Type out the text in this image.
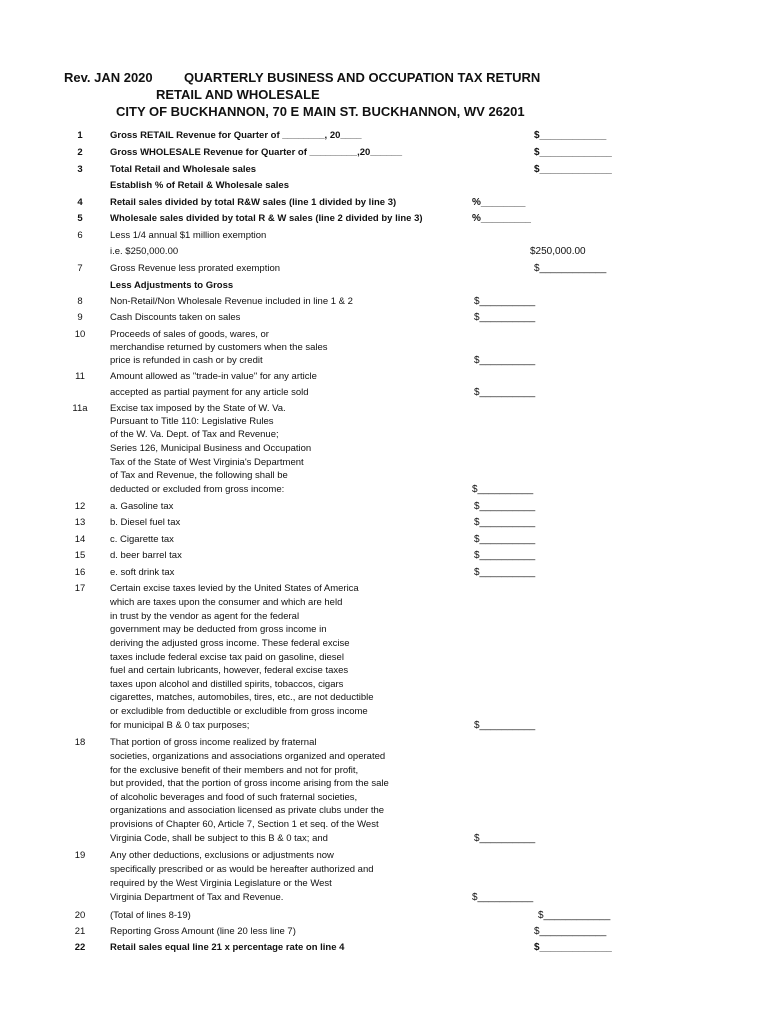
Rev. JAN 2020 QUARTERLY BUSINESS AND OCCUPATION TAX RETURN
RETAIL AND WHOLESALE
CITY OF BUCKHANNON, 70 E MAIN ST. BUCKHANNON, WV 26201
1	Gross RETAIL Revenue for Quarter of ________, 20____	$____________
2	Gross WHOLESALE Revenue for Quarter of _________,20______	$_____________
3	Total Retail and Wholesale sales	$_____________
Establish % of Retail & Wholesale sales
4	Retail sales divided by total R&W sales (line 1 divided by line 3)	%________
5	Wholesale sales divided by total R & W sales (line 2 divided by line 3)	%_________
6	Less 1/4 annual $1 million exemption
i.e. $250,000.00	$250,000.00
7	Gross Revenue less prorated exemption	$____________
Less Adjustments to Gross
8	Non-Retail/Non Wholesale Revenue included in line 1 & 2	$__________
9	Cash Discounts taken on sales	$__________
10	Proceeds of sales of goods, wares, or
merchandise returned by customers when the sales
price is refunded in cash or by credit	$__________
11	Amount allowed as "trade-in value" for any article
accepted as partial payment for any article sold	$__________
11a	Excise tax imposed by the State of W. Va.
Pursuant to Title 110: Legislative Rules
of the W. Va. Dept. of Tax and Revenue;
Series 126, Municipal Business and Occupation
Tax of the State of West Virginia's Department
of Tax and Revenue, the following shall be
deducted or excluded from gross income:	$__________
12	a. Gasoline tax	$__________
13	b. Diesel fuel tax	$__________
14	c. Cigarette tax	$__________
15	d. beer barrel tax	$__________
16	e. soft drink tax	$__________
17	Certain excise taxes levied by the United States of America
which are taxes upon the consumer and which are held
in trust by the vendor as agent for the federal
government may be deducted from gross income in
deriving the adjusted gross income. These federal excise
taxes include federal excise tax paid on gasoline, diesel
fuel and certain lubricants, however, federal excise taxes
taxes upon alcohol and distilled spirits, tobaccos, cigars
cigarettes, matches, automobiles, tires, etc., are not deductible
or excludible from deductible or excludible from gross income
for municipal B & 0 tax purposes;	$__________
18	That portion of gross income realized by fraternal
societies, organizations and associations organized and operated
for the exclusive benefit of their members and not for profit,
but provided, that the portion of gross income arising from the sale
of alcoholic beverages and food of such fraternal societies,
organizations and association licensed as private clubs under the
provisions of Chapter 60, Article 7, Section 1 et seq. of the West
Virginia Code, shall be subject to this B & 0 tax; and	$__________
19	Any other deductions, exclusions or adjustments now
specifically prescribed or as would be hereafter authorized and
required by the West Virginia Legislature or the West
Virginia Department of Tax and Revenue.	$__________
20	(Total of lines 8-19)	$____________
21	Reporting Gross Amount (line 20 less line 7)	$____________
22	Retail sales equal line 21 x percentage rate on line 4	$_____________
